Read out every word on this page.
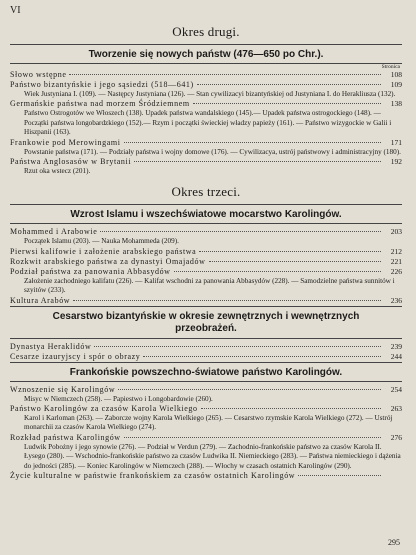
VI
Okres drugi.
Tworzenie się nowych państw (476—650 po Chr.).
Stronica
Słowo wstępne	108
Państwo bizantyńskie i jego sąsiedzi (518—641)	109
Wiek Justyniana I. (109). — Następcy Justyniana (126). — Stan cywilizacyi bizantyńskiej od Justyniana I. do Herakliusza (132).
Germańskie państwa nad morzem Śródziemnem	138
Państwo Ostrogotów we Włoszech (138). Upadek państwa wandalskiego (145).— Upadek państwa ostrogockiego (148). — Początki państwa longobardzkiego (152).— Rzym i początki świeckiej władzy papieży (161). — Państwo wizygockie w Galii i Hiszpanii (163).
Frankowie pod Merowingami	171
Powstanie państwa (171). — Podziały państwa i wojny domowe (176). — Cywilizacya, ustrój państwowy i administracyjny (180).
Państwa Anglosasów w Brytanii	192
Rzut oka wstecz (201).
Okres trzeci.
Wzrost Islamu i wszechświatowe mocarstwo Karolingów.
Mohammed i Arabowie	203
Początek Islamu (203). — Nauka Mohammeda (209).
Pierwsi kalifowie i założenie arabskiego państwa	212
Rozkwit arabskiego państwa za dynastyi Omajadów	221
Podział państwa za panowania Abbasydów	226
Założenie zachodniego kalifatu (226). — Kalifat wschodni za panowania Abbasydów (228). — Samodzielne państwa sunnitów i szyitów (233).
Kultura Arabów	236
Cesarstwo bizantyńskie w okresie zewnętrznych i wewnętrznych
przeobrażeń.
Dynastya Heraklidów	239
Cesarze izauryjscy i spór o obrazy	244
Frankońskie powszechno-światowe państwo Karolingów.
Wznoszenie się Karolingów	254
Misyc w Niemczech (258). — Papiestwo i Longobardowie (260).
Państwo Karolingów za czasów Karola Wielkiego	263
Karol i Karloman (263). — Zaborcze wojny Karola Wielkiego (265). — Cesarstwo rzymskie Karola Wielkiego (272). — Ustrój monarchii za czasów Karola Wielkiego (274).
Rozkład państwa Karolingów	276
Ludwik Pobożny i jego synowie (276). — Podział w Verdun (279). — Zachodnio-frankońskie państwo za czasów Karola II. Łysego (280). — Wschodnio-frankońskie państwo za czasów Ludwika II. Niemieckiego (283). — Państwa niemieckiego i dążenia do jedności (285). — Koniec Karolingów w Niemczech (288). — Włochy w czasach ostatnich Karolingów (290).
Życie kulturalne w państwie frankońskiem za czasów ostatnich Karolingów
295
